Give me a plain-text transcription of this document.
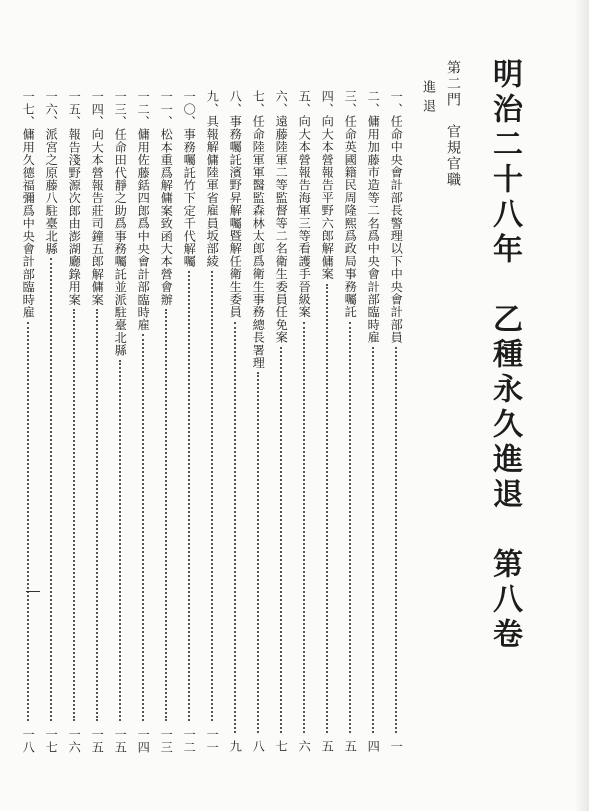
明治二十八年　乙種永久進退　第八卷
第二門　官規官職
進退
一、
任命中央會計部長警理以下中央會計部員
一
二、
傭用加藤市造等二名爲中央會計部臨時雇
四
三、
任命英國籍民周隆熙爲政局事務囑託
五
四、
向大本營報告平野六郎解傭案
五
五、
向大本營報告海軍三等看護手晉級案
六
六、
遠藤陸軍二等監督等二名衛生委員任免案
七
七、
任命陸軍軍醫監森林太郎爲衛生事務總長署理
八
八、
事務囑託濱野昇解囑暨解任衛生委員
九
九、
具報解傭陸軍省雇員坂部綾
一一
一〇、
事務囑託竹下定千代解囑
一二
一一、
松本重爲解傭案致函大本營會辦
一三
一二、
傭用佐藤銛四郎爲中央會計部臨時雇
一四
一三、
任命田代靜之助爲事務囑託並派駐臺北縣
一五
一四、
向大本營報告莊司鐘五郎解傭案
一五
一五、
報告淺野源次郎由澎湖廳錄用案
一六
一六、
派宮之原藤八駐臺北縣
一七
一七、
傭用久德福彌爲中央會計部臨時雇
一八
